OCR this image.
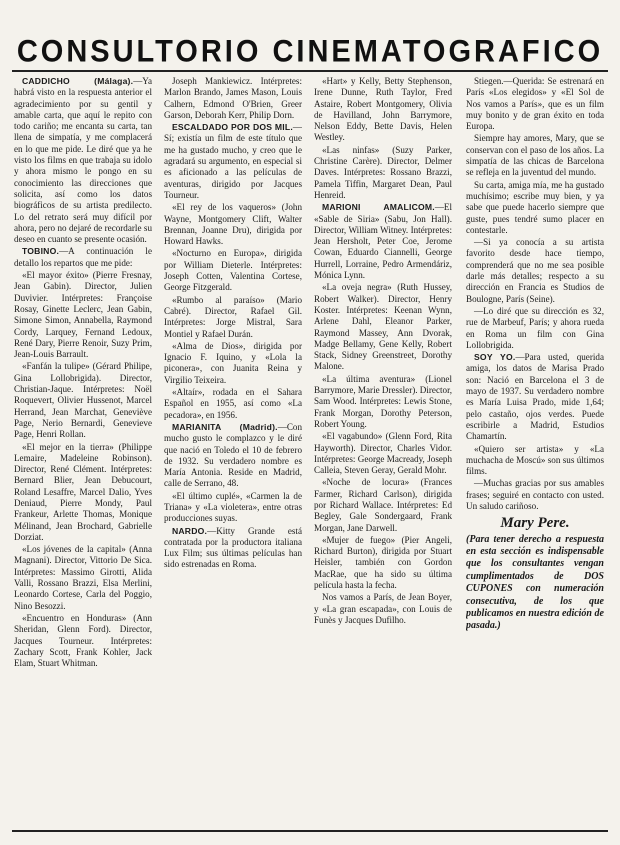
CONSULTORIO CINEMATOGRAFICO

CADDICHO (Málaga).—Ya habrá visto en la respuesta anterior el agradecimiento por su gentil y amable carta, que aquí le repito con todo cariño; me encanta su carta, tan llena de simpatía, y me complacerá en lo que me pide. Le diré que ya he visto los films en que trabaja su idolo y ahora mismo le pongo en su conocimiento las direcciones que solicita, así como los datos biográficos de su artista predilecto. Lo del retrato será muy difícil por ahora, pero no dejaré de recordarle su deseo en cuanto se presente ocasión.

TOBINO.—A continuación le detallo los repartos que me pide:

«El mayor éxito» (Pierre Fresnay, Jean Gabin). Director, Julien Duvivier. Intérpretes: Françoise Rosay, Ginette Leclerc, Jean Gabin, Simone Simon, Annabella, Raymond Cordy, Larquey, Fernand Ledoux, René Dary, Pierre Renoir, Suzy Prim, Jean-Louis Barrault.

«Fanfán la tulipe» (Gérard Philipe, Gina Lollobrigida). Director, Christian-Jaque. Intérpretes: Noël Roquevert, Olivier Hussenot, Marcel Herrand, Jean Marchat, Geneviève Page, Nerio Bernardi, Genevieve Page, Henri Rollan.

«El mejor en la tierra» (Philippe Lemaire, Madeleine Robinson). Director, René Clément. Intérpretes: Bernard Blier, Jean Debucourt, Roland Lesaffre, Marcel Dalio, Yves Deniaud, Pierre Mondy, Paul Frankeur, Arlette Thomas, Monique Mélinand, Jean Brochard, Gabrielle Dorziat.

«Los jóvenes de la capital» (Anna Magnani). Director, Vittorio De Sica. Intérpretes: Massimo Girotti, Alida Valli, Rossano Brazzi, Elsa Merlini, Leonardo Cortese, Carla del Poggio, Nino Besozzi.

«Encuentro en Honduras» (Ann Sheridan, Glenn Ford). Director, Jacques Tourneur. Intérpretes: Zachary Scott, Frank Kohler, Jack Elam, Stuart Whitman.

Joseph Mankiewicz. Intérpretes: Marlon Brando, James Mason, Louis Calhern, Edmond O'Brien, Greer Garson, Deborah Kerr, Philip Dorn.

ESCALDADO POR DOS MIL.—Sí; existía un film de este título que me ha gustado mucho, y creo que le agradará su argumento, en especial si es aficionado a las películas de aventuras, dirigido por Jacques Tourneur.

«El rey de los vaqueros» (John Wayne, Montgomery Clift, Walter Brennan, Joanne Dru), dirigida por Howard Hawks.

«Nocturno en Europa», dirigida por William Dieterle. Intérpretes: Joseph Cotten, Valentina Cortese, George Fitzgerald.

«Rumbo al paraíso» (Mario Cabré). Director, Rafael Gil. Intérpretes: Jorge Mistral, Sara Montiel y Rafael Durán.

«Alma de Dios», dirigida por Ignacio F. Iquino, y «Lola la piconera», con Juanita Reina y Virgilio Teixeira.

«Altaír», rodada en el Sahara Español en 1955, así como «La pecadora», en 1956.

MARIANITA (Madrid).—Con mucho gusto le complazco y le diré que nació en Toledo el 10 de febrero de 1932. Su verdadero nombre es María Antonia. Reside en Madrid, calle de Serrano, 48.

«El último cuplé», «Carmen la de Triana» y «La violetera», entre otras producciones suyas.

NARDO.—Kitty Grande está contratada por la productora italiana Lux Film; sus últimas películas han sido estrenadas en Roma.

«Hart» y Kelly, Betty Stephenson, Irene Dunne, Ruth Taylor, Fred Astaire, Robert Montgomery, Olivia de Havilland, John Barrymore, Nelson Eddy, Bette Davis, Helen Westley.

«Las ninfas» (Suzy Parker, Christine Carère). Director, Delmer Daves. Intérpretes: Rossano Brazzi, Pamela Tiffin, Margaret Dean, Paul Henreid.

MARIONI AMALICOM.—El «Sable de Siria» (Sabu, Jon Hall). Director, William Witney. Intérpretes: Jean Hersholt, Peter Coe, Jerome Cowan, Eduardo Ciannelli, George Hurrell, Lorraine, Pedro Armendáriz, Mónica Lynn.

«La oveja negra» (Ruth Hussey, Robert Walker). Director, Henry Koster. Intérpretes: Keenan Wynn, Arlene Dahl, Eleanor Parker, Raymond Massey, Ann Dvorak, Madge Bellamy, Gene Kelly, Robert Stack, Sidney Greenstreet, Dorothy Malone.

«La última aventura» (Lionel Barrymore, Marie Dressler). Director, Sam Wood. Intérpretes: Lewis Stone, Frank Morgan, Dorothy Peterson, Robert Young.

«El vagabundo» (Glenn Ford, Rita Hayworth). Director, Charles Vidor. Intérpretes: George Macready, Joseph Calleia, Steven Geray, Gerald Mohr.

«Noche de locura» (Frances Farmer, Richard Carlson), dirigida por Richard Wallace. Intérpretes: Ed Begley, Gale Sondergaard, Frank Morgan, Jane Darwell.

«Mujer de fuego» (Pier Angeli, Richard Burton), dirigida por Stuart Heisler, también con Gordon MacRae, que ha sido su última película hasta la fecha.

Nos vamos a París, de Jean Boyer, y «La gran escapada», con Louis de Funès y Jacques Dufilho.

Stiegen.—Querida: Se estrenará en París «Los elegidos» y «El Sol de Nos vamos a París», que es un film muy bonito y de gran éxito en toda Europa.

Siempre hay amores, Mary, que se conservan con el paso de los años. La simpatía de las chicas de Barcelona se refleja en la juventud del mundo.

Su carta, amiga mía, me ha gustado muchísimo; escribe muy bien, y ya sabe que puede hacerlo siempre que guste, pues tendré sumo placer en contestarle.

—Si ya conocía a su artista favorito desde hace tiempo, comprenderá que no me sea posible darle más detalles; respecto a su dirección en Francia es Studios de Boulogne, París (Seine).

—Lo diré que su dirección es 32, rue de Marbeuf, París; y ahora rueda en Roma un film con Gina Lollobrigida.

SOY YO.—Para usted, querida amiga, los datos de Marisa Prado son: Nació en Barcelona el 3 de mayo de 1937. Su verdadero nombre es María Luisa Prado, mide 1,64; pelo castaño, ojos verdes. Puede escribirle a Madrid, Estudios Chamartín.

«Quiero ser artista» y «La muchacha de Moscú» son sus últimos films.

—Muchas gracias por sus amables frases; seguiré en contacto con usted. Un saludo cariñoso.

Mary Pere.
(Para tener derecho a respuesta en esta sección es indispensable que los consultantes vengan cumplimentados de DOS CUPONES con numeración consecutiva, de los que publicamos en nuestra edición de pasada.)
